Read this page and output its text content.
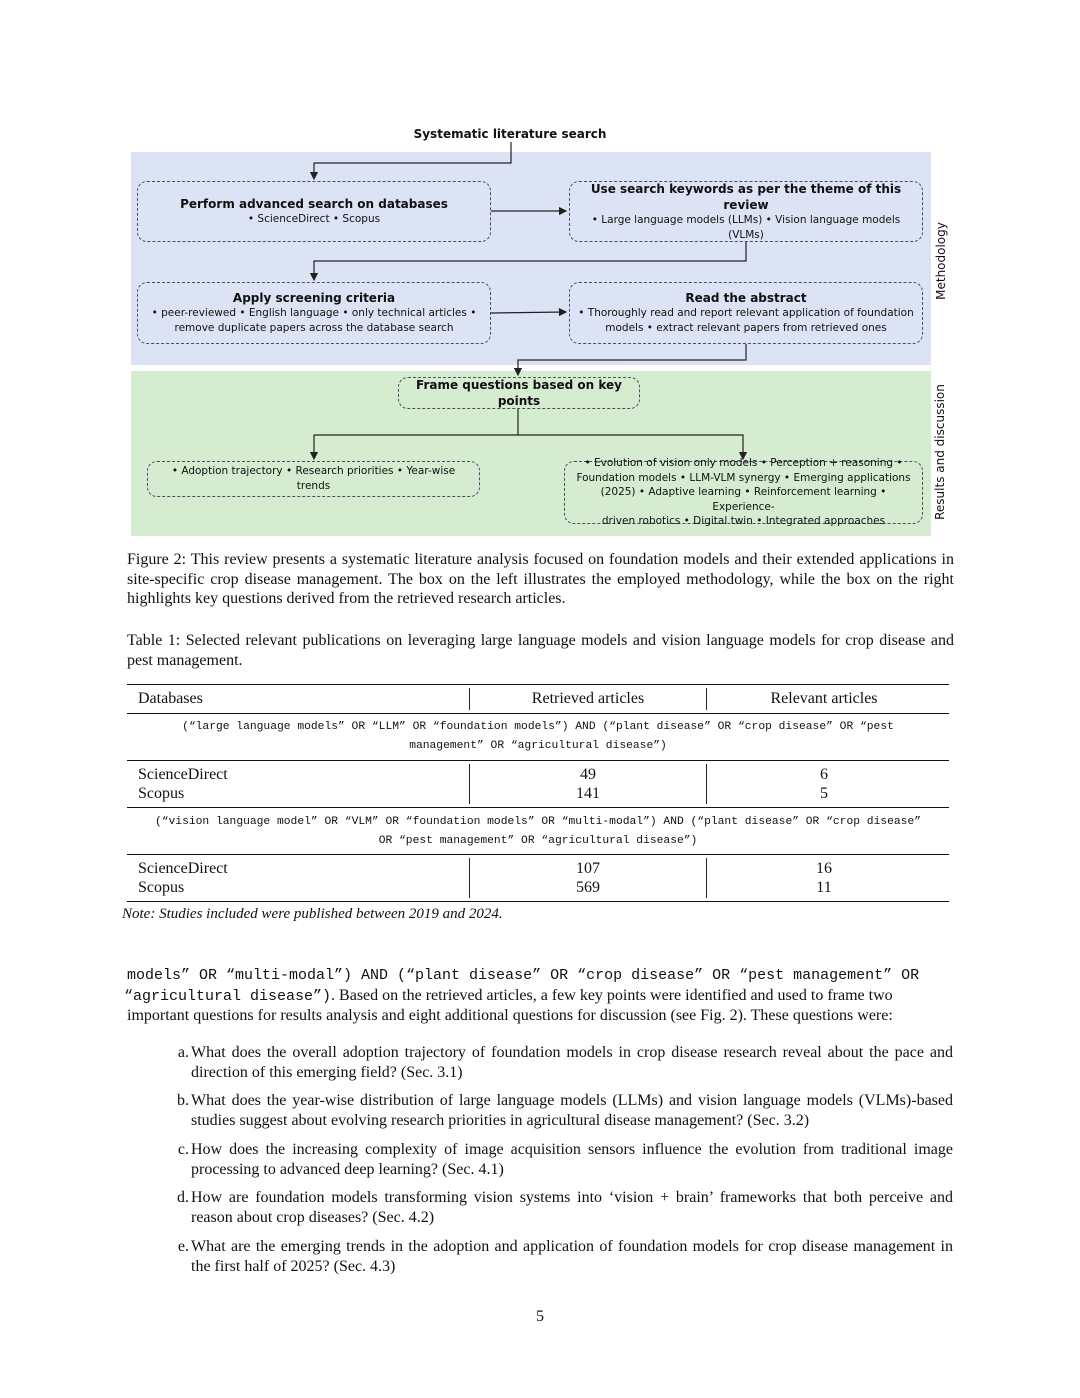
Systematic literature search
Perform advanced search on databases
• ScienceDirect • Scopus
Use search keywords as per the theme of this review
• Large language models (LLMs) • Vision language models (VLMs)
Apply screening criteria
• peer-reviewed • English language • only technical articles •
remove duplicate papers across the database search
Read the abstract
• Thoroughly read and report relevant application of foundation
models • extract relevant papers from retrieved ones
Frame questions based on key points
• Adoption trajectory • Research priorities • Year-wise trends
• Evolution of vision only models • Perception + reasoning •
Foundation models • LLM-VLM synergy • Emerging applications
(2025) • Adaptive learning • Reinforcement learning • Experience-
driven robotics • Digital twin • Integrated approaches
Methodology
Results and discussion
Figure 2: This review presents a systematic literature analysis focused on foundation models and their extended applications in site-specific crop disease management. The box on the left illustrates the employed methodology, while the box on the right highlights key questions derived from the retrieved research articles.
Table 1: Selected relevant publications on leveraging large language models and vision language models for crop disease and pest management.
Databases	Retrieved articles	Relevant articles
(“large language models” OR “LLM” OR “foundation models”) AND (“plant disease” OR “crop disease” OR “pest
management” OR “agricultural disease”)
ScienceDirect	49	6
Scopus	141	5
(“vision language model” OR “VLM” OR “foundation models” OR “multi-modal”) AND (“plant disease” OR “crop disease”
OR “pest management” OR “agricultural disease”)
ScienceDirect	107	16
Scopus	569	11
Note: Studies included were published between 2019 and 2024.
models” OR “multi-modal”) AND (“plant disease” OR “crop disease” OR “pest management” OR
“agricultural disease”). Based on the retrieved articles, a few key points were identified and used to frame two
important questions for results analysis and eight additional questions for discussion (see Fig. 2). These questions were:
a. What does the overall adoption trajectory of foundation models in crop disease research reveal about the pace and direction of this emerging field? (Sec. 3.1)
b. What does the year-wise distribution of large language models (LLMs) and vision language models (VLMs)-based studies suggest about evolving research priorities in agricultural disease management? (Sec. 3.2)
c. How does the increasing complexity of image acquisition sensors influence the evolution from traditional image processing to advanced deep learning? (Sec. 4.1)
d. How are foundation models transforming vision systems into ‘vision + brain’ frameworks that both perceive and reason about crop diseases? (Sec. 4.2)
e. What are the emerging trends in the adoption and application of foundation models for crop disease management in the first half of 2025? (Sec. 4.3)
5
